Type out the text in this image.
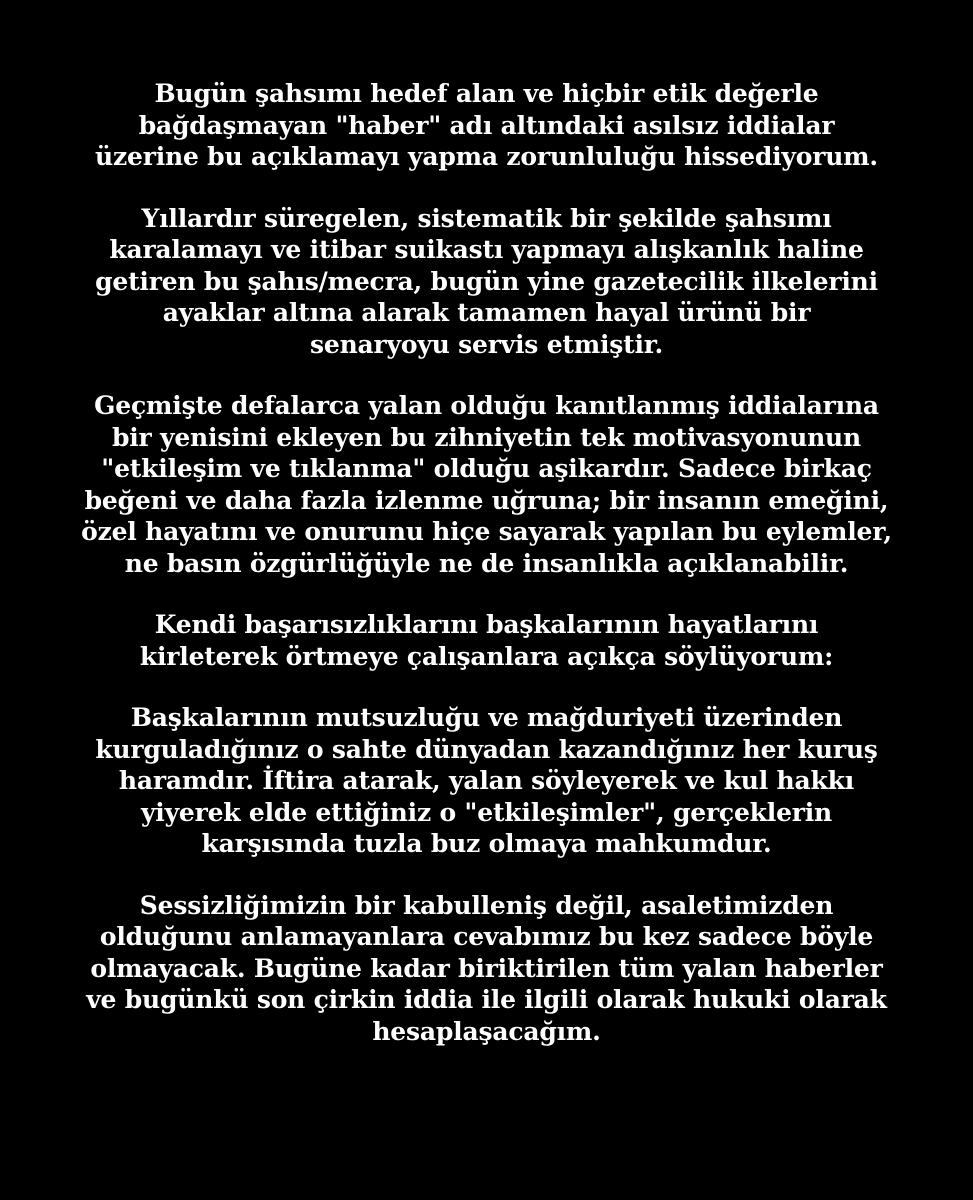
Bugün şahsımı hedef alan ve hiçbir etik değerle
bağdaşmayan "haber" adı altındaki asılsız iddialar
üzerine bu açıklamayı yapma zorunluluğu hissediyorum.

Yıllardır süregelen, sistematik bir şekilde şahsımı
karalamayı ve itibar suikastı yapmayı alışkanlık haline
getiren bu şahıs/mecra, bugün yine gazetecilik ilkelerini
ayaklar altına alarak tamamen hayal ürünü bir
senaryoyu servis etmiştir.

Geçmişte defalarca yalan olduğu kanıtlanmış iddialarına
bir yenisini ekleyen bu zihniyetin tek motivasyonunun
"etkileşim ve tıklanma" olduğu aşikardır. Sadece birkaç
beğeni ve daha fazla izlenme uğruna; bir insanın emeğini,
özel hayatını ve onurunu hiçe sayarak yapılan bu eylemler,
ne basın özgürlüğüyle ne de insanlıkla açıklanabilir.

Kendi başarısızlıklarını başkalarının hayatlarını
kirleterek örtmeye çalışanlara açıkça söylüyorum:

Başkalarının mutsuzluğu ve mağduriyeti üzerinden
kurguladığınız o sahte dünyadan kazandığınız her kuruş
haramdır. İftira atarak, yalan söyleyerek ve kul hakkı
yiyerek elde ettiğiniz o "etkileşimler", gerçeklerin
karşısında tuzla buz olmaya mahkumdur.

Sessizliğimizin bir kabulleniş değil, asaletimizden
olduğunu anlamayanlara cevabımız bu kez sadece böyle
olmayacak. Bugüne kadar biriktirilen tüm yalan haberler
ve bugünkü son çirkin iddia ile ilgili olarak hukuki olarak
hesaplaşacağım.
